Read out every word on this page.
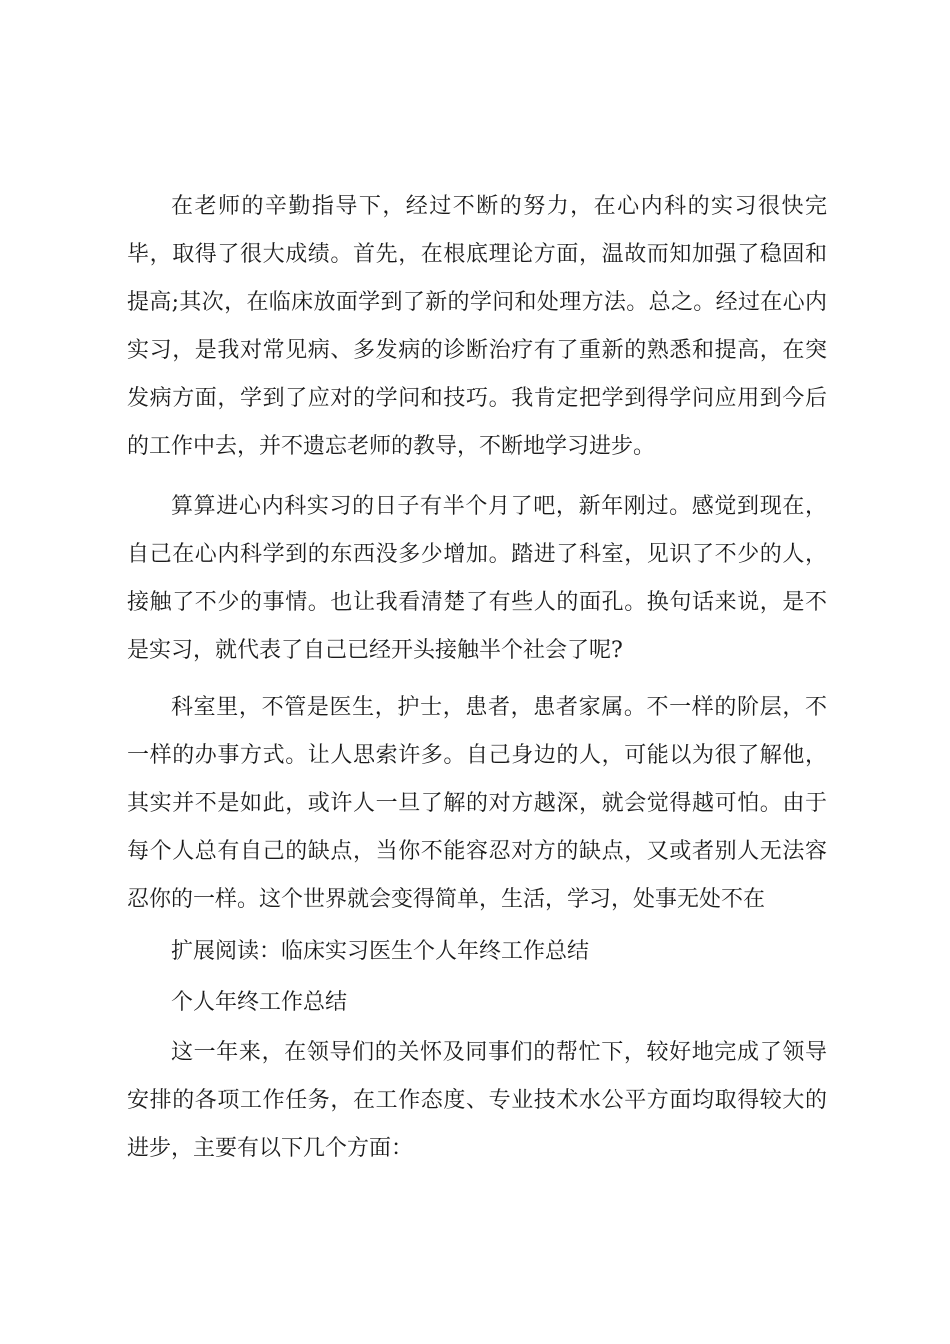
在老师的辛勤指导下，经过不断的努力，在心内科的实习很快完
毕，取得了很大成绩。首先，在根底理论方面，温故而知加强了稳固和
提高;其次，在临床放面学到了新的学问和处理方法。总之。经过在心内
实习，是我对常见病、多发病的诊断治疗有了重新的熟悉和提高，在突
发病方面，学到了应对的学问和技巧。我肯定把学到得学问应用到今后
的工作中去，并不遗忘老师的教导，不断地学习进步。
算算进心内科实习的日子有半个月了吧，新年刚过。感觉到现在，
自己在心内科学到的东西没多少增加。踏进了科室，见识了不少的人，
接触了不少的事情。也让我看清楚了有些人的面孔。换句话来说，是不
是实习，就代表了自己已经开头接触半个社会了呢?
科室里，不管是医生，护士，患者，患者家属。不一样的阶层，不
一样的办事方式。让人思索许多。自己身边的人，可能以为很了解他，
其实并不是如此，或许人一旦了解的对方越深，就会觉得越可怕。由于
每个人总有自己的缺点，当你不能容忍对方的缺点，又或者别人无法容
忍你的一样。这个世界就会变得简单，生活，学习，处事无处不在
扩展阅读：临床实习医生个人年终工作总结
个人年终工作总结
这一年来，在领导们的关怀及同事们的帮忙下，较好地完成了领导
安排的各项工作任务，在工作态度、专业技术水公平方面均取得较大的
进步，主要有以下几个方面：
